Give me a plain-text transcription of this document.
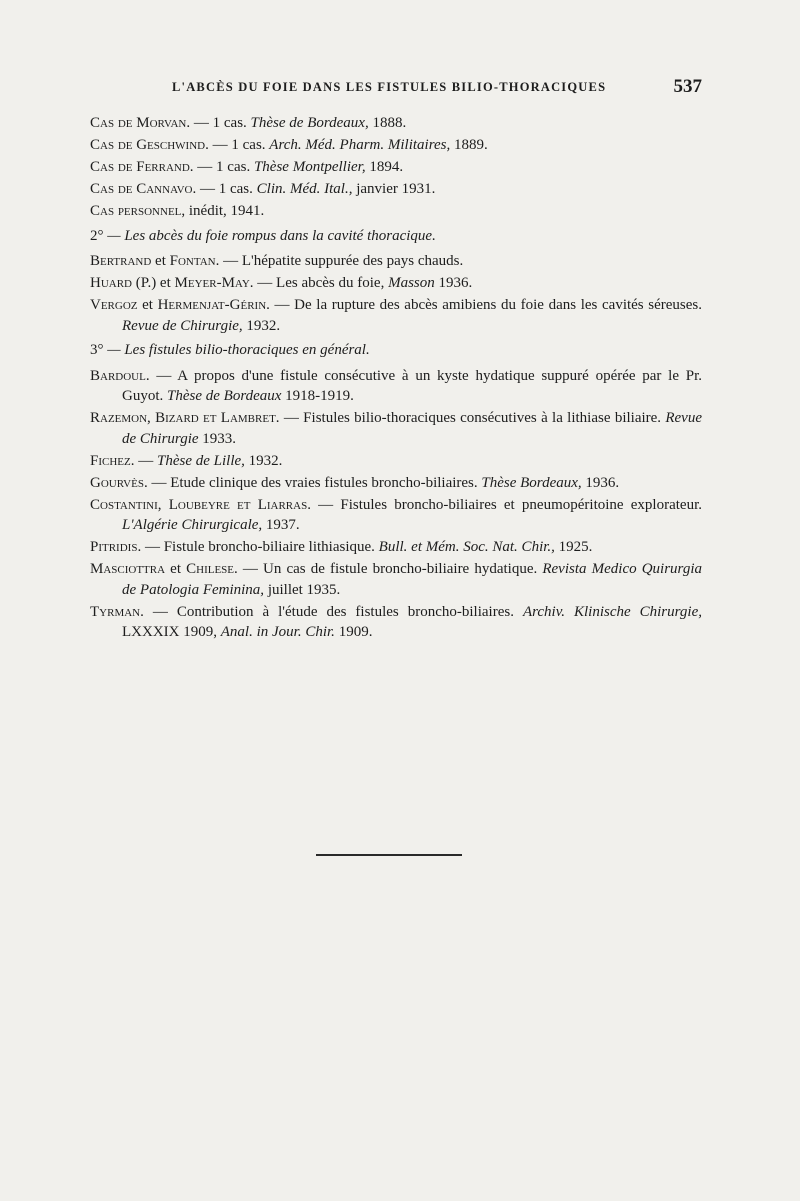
L'ABCÈS DU FOIE DANS LES FISTULES BILIO-THORACIQUES	537

Cas de Morvan. — 1 cas. Thèse de Bordeaux, 1888.

Cas de Geschwind. — 1 cas. Arch. Méd. Pharm. Militaires, 1889.

Cas de Ferrand. — 1 cas. Thèse Montpellier, 1894.

Cas de Cannavo. — 1 cas. Clin. Méd. Ital., janvier 1931.

Cas personnel, inédit, 1941.

2° — Les abcès du foie rompus dans la cavité thoracique.

Bertrand et Fontan. — L'hépatite suppurée des pays chauds.

Huard (P.) et Meyer-May. — Les abcès du foie, Masson 1936.

Vergoz et Hermenjat-Gérin. — De la rupture des abcès amibiens du foie dans les cavités séreuses. Revue de Chirurgie, 1932.

3° — Les fistules bilio-thoraciques en général.

Bardoul. — A propos d'une fistule consécutive à un kyste hydatique suppuré opérée par le Pr. Guyot. Thèse de Bordeaux 1918-1919.

Razemon, Bizard et Lambret. — Fistules bilio-thoraciques consécutives à la lithiase biliaire. Revue de Chirurgie 1933.

Fichez. — Thèse de Lille, 1932.

Gourvès. — Etude clinique des vraies fistules broncho-biliaires. Thèse Bordeaux, 1936.

Costantini, Loubeyre et Liarras. — Fistules broncho-biliaires et pneumopéritoine explorateur. L'Algérie Chirurgicale, 1937.

Pitridis. — Fistule broncho-biliaire lithiasique. Bull. et Mém. Soc. Nat. Chir., 1925.

Masciottra et Chilese. — Un cas de fistule broncho-biliaire hydatique. Revista Medico Quirurgia de Patologia Feminina, juillet 1935.

Tyrman. — Contribution à l'étude des fistules broncho-biliaires. Archiv. Klinische Chirurgie, LXXXIX 1909, Anal. in Jour. Chir. 1909.
